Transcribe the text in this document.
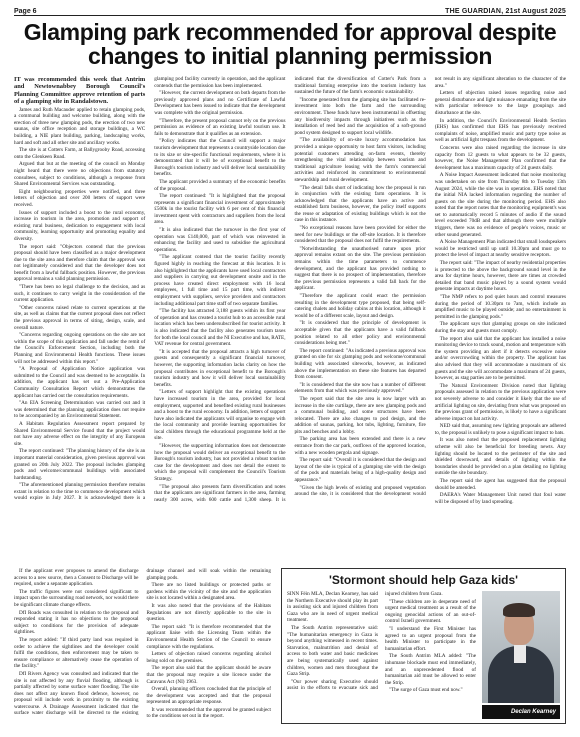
Page 6	THE GUARDIAN, 21st August 2025
Glamping park recommended for approval despite changes to initial planning permission

IT was recommended this week that Antrim and Newtownabbey Borough Council's Planning Committee approve retention of parts of a glamping site in Randalstown.

James and Ruth Macauder applied to retain glamping pods, a communal building and welcome building, along with the erection of three new glamping pods, the erection of two new saunas, site office reception and storage buildings, a WC building, a NIE plant building, parking, landscaping works, hard and soft and all other site and ancillary works.

The site is at Cotters Farm, at Ballygrooby Road, accessing onto the Glenkeen Road.

Argued that but at the meeting of the council on Monday night heard that there were no objections from statutory consultees, subject to conditions, although a response from Shared Environmental Services was outstanding.

Eight neighbouring properties were notified, and three letters of objection and over 200 letters of support were received.

Issues of support included a boost to the rural economy, increase in tourism in the area, promotion and support of existing rural business, dedication to engagement with local community, learning opportunity and promoting equality and diversity.

The report said: "Objectors contend that the previous proposal should have been classified as a major development due to the site area and therefore claim that the approval was not legitimately considered and that the developer does not benefit from a lawful fallback position. However, the previous approval remains a valid planning permission.

"There has been no legal challenge to the decision, and as such, it continues to carry weight in the consideration of the current application.

"Other concerns raised relate to current operations at the site, as well as claims that the current proposal does not reflect the previous approval in terms of siting, design, scale, and overall nature.

"Concerns regarding ongoing operations on the site are not within the scope of this application and fall under the remit of the Council's Enforcement Section, including both the Planning and Environmental Health functions. These issues will not be addressed within this report."

"A Proposal of Application Notice application was submitted to the Council and was deemed to be acceptable. In addition, the applicant has set out a Pre-Application Community Consultation Report which demonstrates the applicant has carried out the consultation requirements.

"An EIA Screening Determination was carried out and it was determined that the planning application does not require to be accompanied by an Environmental Statement.

A Habitats Regulation Assessment report prepared by Shared Environmental Service found that the project would not have any adverse effect on the integrity of any European site.

The report continued: "The planning history of the site is an important material consideration, given previous approval was granted on 20th July 2022. The proposal includes glamping pods and welcome/communal buildings with associated hardstanding.

"The aforementioned planning permission therefore remains extant in relation to the time to commence development which would expire in July 2027. It is acknowledged there is a glamping pod facility currently in operation, and the applicant contends that the permission has been implemented.

"However, the current development on both departs from the previously approved plans and no Certificate of Lawful Development has been issued to indicate that the development was complete with the original permission.

"Therefore, the present proposal cannot rely on the previous permission as evidence of an existing lawful tourism use. It fails to demonstrate that it qualifies as an extension.

"Policy indicates that the Council will support a major tourism development that represents a countryside location due to its size or site-specific functional requirements, where it is demonstrated that it will be of exceptional benefit to the Borough's tourism industry and will deliver local sustainability benefits.

The applicant provided a summary of the economic benefits of the proposal.

The report continued: "It is highlighted that the proposal represents a significant financial investment of approximately £500k in the tourist facility with 6 per cent of this financial investment spent with contractors and suppliers from the local area.

"It is also indicated that the turnover in the first year of operation was £140,000, part of which was reinvested in enhancing the facility and used to subsidise the agricultural operations.

"The applicant contend that the tourist facility recently figured highly in reaching the forecast at this location. It is also highlighted that the applicants have used local contractors and suppliers in carrying out development onsite and in the process have created direct employment with 16 local employees, 1 full time and 15 part time, with indirect employment with suppliers, service providers and contractors including additional part time staff of two separate families.

"The facility has attracted 3,188 guests within its first year of operation and has created a tourist hub to an accessible rural location which has been undersubscribed for tourist activity. It is also indicated that the facility also generates tourism taxes for both the local council and the NI Executive and has, RATE, VAT revenue for central government.

"It is accepted that the proposal attracts a high turnover of guests and consequently a significant financial turnover, however, the supporting information lacks clarity on how the proposal contributes in exceptional benefit to the Borough's tourism industry and how it will deliver local sustainability benefits.

"Letters of support highlight that the existing operations have increased tourism in the area, provided for local employment, supported and benefited existing rural businesses and a boost to the rural economy. In addition, letters of support have also indicated the applicants will organise to engage with the local community and provide learning opportunities for local children through the educational programme held at the site.

"However, the supporting information does not demonstrate how the proposal would deliver an exceptional benefit to the Borough's tourism industry, has not provided a robust tourism case for the development and does not detail the extent to which the proposal will complement the Council's Tourism Strategy.

"The proposal also presents farm diversification and notes that the applicants are significant farmers in the area, farming nearly 300 acres, with 600 cattle and 1,300 sheep. It is indicated that the diversification of Cotter's Park from a traditional farming enterprise into the tourism industry has sustained the future of the farm's economic sustainability.

"Income generated from the glamping site has facilitated re-investment into both the farm and the surrounding environment. These funds have been instrumental in offsetting any biodiversity impacts through initiatives such as the installation of reed bed and the acquisition of a soft-ground pond system designed to support local wildlife.

"The availability of on-site luxury accommodation has provided a unique opportunity to host farm visitors, including potential customers attending on-farm events, thereby strengthening the vital relationship between tourism and traditional agriculture leasing with the farm's commercial activities and reinforced its commitment to environmental stewardship and rural development.

"The detail falls short of indicating how the proposal is run in conjunction with the existing farm operations. It is acknowledged that the applicants have an active and established farm business, however, the policy itself supports the reuse or adaptation of existing buildings which is not the case in this instance.

"No exceptional reasons have been provided for either the need for new buildings or the off-site location. It is therefore considered that the proposal does not fulfil the requirements.

"Notwithstanding the unauthorised nature upon prior approval remains extant on the site. The previous permission remains within the time parameters to commence development, and the applicant has provided nothing to suggest that there is no prospect of implementation, therefore the previous permission represents a valid fall back for the applicant.

"Therefore the applicant could enact the permission resulting in the development type proposed, that being self-catering chalets and holiday cabins at this location, although it would be of a different scale, layout and design.

"It is considered that the principle of development is acceptable given that the applicants have a valid fallback position related to all other policy and environmental considerations being met."

The report continued: "As indicated a previous approval was granted on site for six glamping pods and welcome/communal building with associated siteworks, however, as indicated above the implementation on these site features has departed from consent.

"It is considered that the site now has a number of different elements from that which was previously approved."

The report said that the site area is now larger with an increase in the site curtilage, there are new glamping pods and a communal building, and some structures have been relocated. There are also changes to pod design, and the addition of saunas, parking, hot tubs, lighting, furniture, fire pits and benches and a lobby.

The parking area has been extended and there is a new entrance from the car park, outflows of the approved location, with a new wooden pergola and signage.

The report said: "Overall it is considered that the design and layout of the site is typical of a glamping site with the design of the pods and materials being of a high-quality design and appearance."

"Given the high levels of existing and proposed vegetation around the site, it is considered that the development would not result in any significant alteration to the character of the area."

Letters of objection raised issues regarding noise and general disturbance and light nuisance emanating from the site with particular reference to the large groupings and disturbance at the site.

In addition, the Council's Environmental Health Section (EHS) has confirmed that EHS has previously received complaints of noise, amplified music and party type noise as well as artificial light trespass from the development.

Concerns were also raised regarding the increase in site capacity from 12 guests to what appears to be 32 guests, however, the Noise Management Plan confirmed that the development has a maximum capacity of 24 guests daily.

A Noise Impact Assessment indicated that noise monitoring was undertaken on site from Thursday 8th to Tuesday 13th August 2024, while the site was in operation. EHS noted that the initial NIA lacked information regarding the number of guests on the site during the monitoring period. EHS also noted that the report notes that the monitoring equipment's was set to automatically record 5 minutes of audio if the sound level exceeded 70dB and that although there were multiple triggers, there was no evidence of people's voices, music or other sound generated.

A Noise Management Plan indicated that small loudspeakers would be restricted until up until 10.30pm and must go to protect the level of impact at nearby sensitive receptors.

The report said: "The impact of nearby residential properties is protected to the above the background sound level in the area for daytime hours, however, there are times at crowded detailed that band music played by a sound system would generate impacts at daytime hours.

"The NMP refers to pod quiet hours and control measures during the period of 10.30pm to 7am, which include an amplified music to be played outside; and no entertainment is permitted in the glamping pods."

The applicant says that glamping groups on site indicated during the stay and guests must comply.

The report also said that the applicant has installed a noise monitoring device to track sound, motion and temperature with the system providing an alert if it detects excessive noise and/or overcrowding within the property. The applicant has also advised that they will accommodate a maximum of six guests and the site will accommodate a maximum of 24 guests, however, as stag parties are to be permitted.

The Natural Environment Division noted that lighting proposals assessed in relation to the previous application were not severely adverse to and consider it likely that the use of artificial lighting on site, deviating from what was proposed on the previous grant of permission, is likely to have a significant adverse impact on bat activity.

NED said that, assuming new lighting proposals are adhered to, the proposal is unlikely to pose a significant impact to bats.

It was also noted that the proposed replacement lighting scheme will also be beneficial for breeding newts. Any lighting should be located to the perimeter of the site and shielded downward, and details of lighting within the boundaries should be provided on a plan detailing no lighting outside the site boundary.

The report said the agent has suggested that the proposal should be amended.

DAERA's Water Management Unit noted that foul water will be disposed of by land spreading.

If the applicant ever proposes to amend the discharge access to a new source, then a Consent to Discharge will be required, under a separate application.

The traffic figures were not considered significant to impact upon the surrounding road network, nor would there be significant climate change effects.

DfI Roads was consulted in relation to the proposal and responded stating it has no objections to the proposal subject to conditions for the provision of adequate sightlines.

The report added: "If third party land was required in order to achieve the sightlines and the developer could fulfil the conditions, then enforcement may be taken to ensure compliance or alternatively cease the operation of the facility."

DfI Rivers Agency was consulted and indicated that the site is not affected by any fluvial flooding, although is partially affected by some surface water flooding. The site does not affect any known flood defence, however, no proposal will include work in proximity to the existing watercourse. A Drainage Assessment indicated that the surface water discharge will be directed to the existing drainage channel and will soak within the remaining glamping pods.

There are no listed buildings or protected paths or gardens within the vicinity of the site and the application site is not located within a designated area.

It was also noted that the provisions of the Habitats Regulations are not directly applicable to the site in question.

The report said: "It is therefore recommended that the applicant liaise with the Licensing Team within the Environmental Health Section of the Council to ensure compliance with the regulations.

Letters of objection raised concerns regarding alcohol being sold on the premises.

The report also said that the applicant should be aware that the proposal may require a site licence under the Caravans Act (NI) 1963.

Overall, planning officers concluded that the principle of the development was accepted and that the proposal represented an appropriate response.

It was recommended that the approval be granted subject to the conditions set out in the report.

'Stormont should help Gaza kids'

SINN Féin MLA, Declan Kearney, has said the Northern Executive should play its part in assisting sick and injured children from Gaza who are in need of urgent medical treatment.

The South Antrim representative said: "The humanitarian emergency in Gaza is beyond anything witnessed in recent times. Starvation, malnutrition and denial of access to both water and basic medicines are being systematically used against children, women and men throughout the Gaza Strip.

"Our power sharing Executive should assist in the efforts to evacuate sick and injured children from Gaza.

"These children are in desperate need of urgent medical treatment as a result of the ongoing genocidal actions of an out-of-control Israeli government.

"I understand the First Minister has agreed to an urgent proposal from the health Minister to participate in the humanitarian effort.

The South Antrim MLA added: "The inhumane blockade must end immediately, and an unprecedented flood of humanitarian aid must be allowed to enter the Strip.

"The surge of Gaza must end now."

Declan Kearney
